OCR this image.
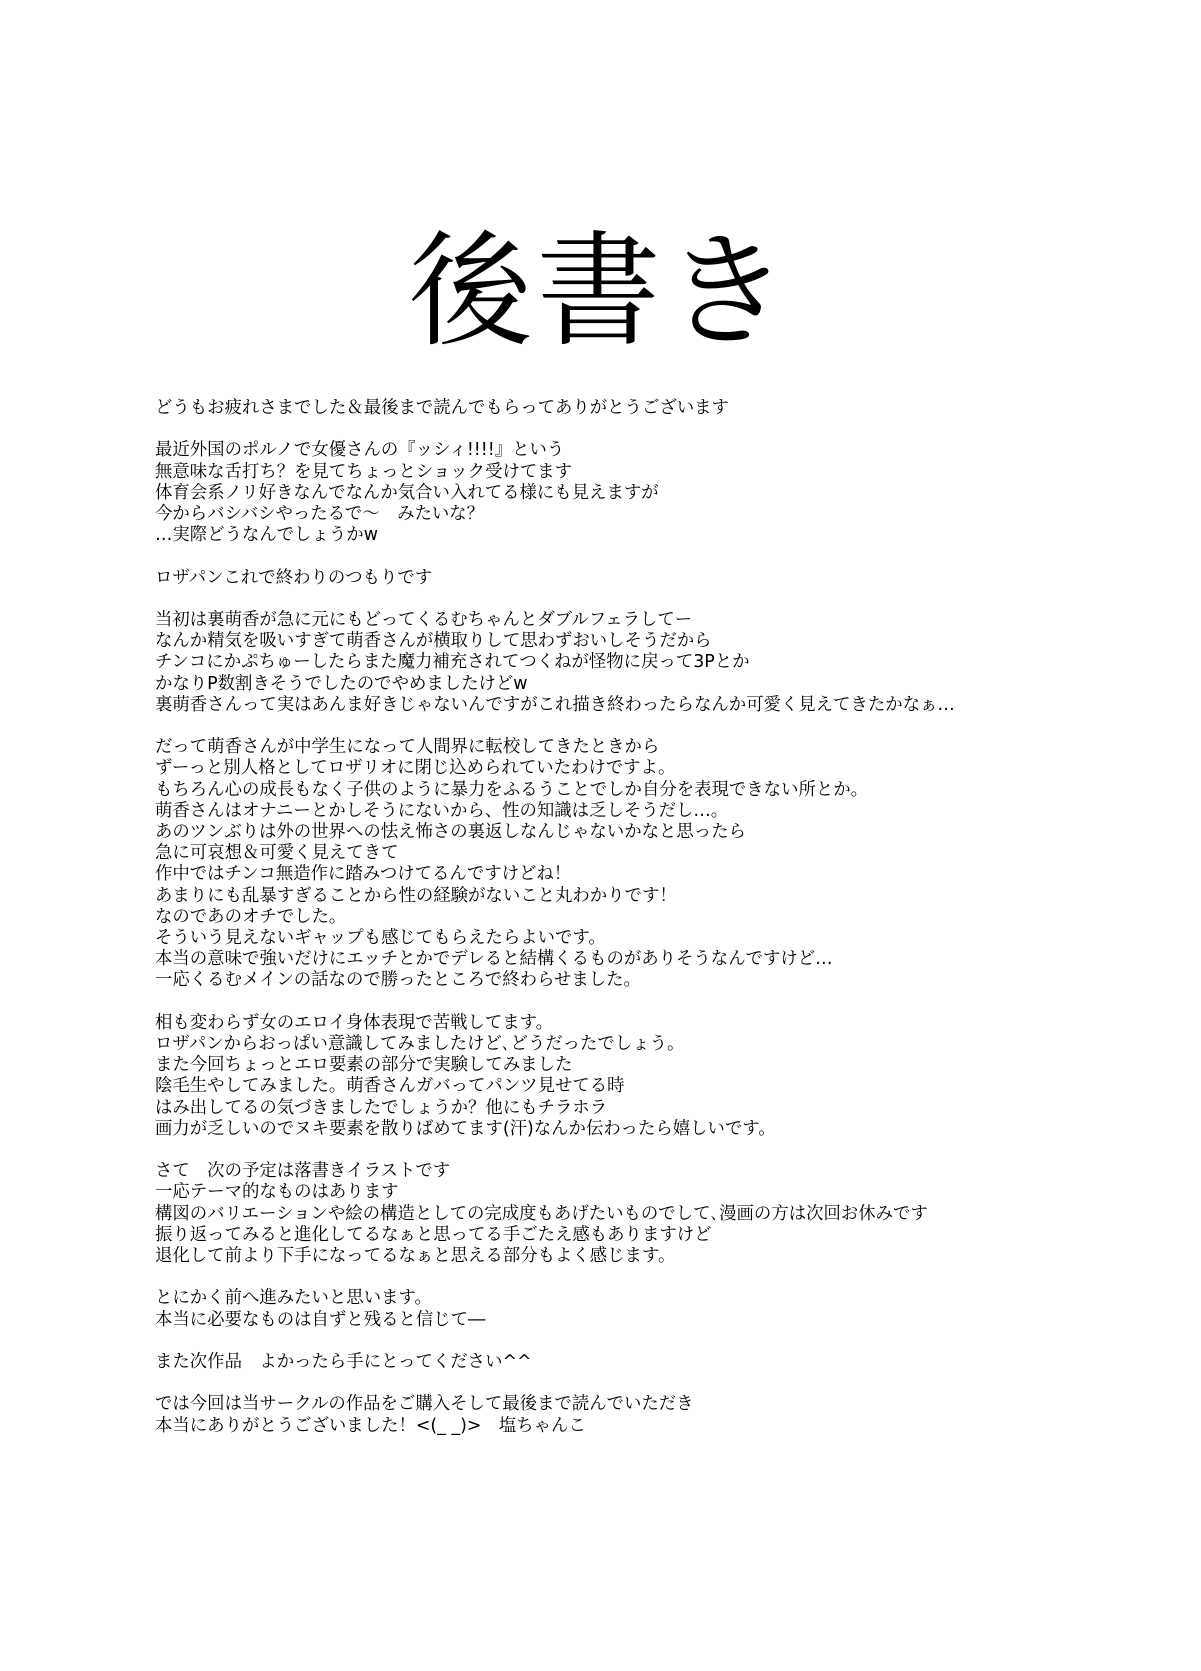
後書き
どうもお疲れさまでした＆最後まで読んでもらってありがとうございます
最近外国のポルノで女優さんの『ッシィ!!!!』という
無意味な舌打ち？を見てちょっとショック受けてます
体育会系ノリ好きなんでなんか気合い入れてる様にも見えますが
今からバシバシやったるで～　みたいな？
…実際どうなんでしょうかw
ロザパンこれで終わりのつもりです
当初は裏萌香が急に元にもどってくるむちゃんとダブルフェラしてー
なんか精気を吸いすぎて萌香さんが横取りして思わずおいしそうだから
チンコにかぷちゅーしたらまた魔力補充されてつくねが怪物に戻って3Pとか
かなりP数割きそうでしたのでやめましたけどw
裏萌香さんって実はあんま好きじゃないんですがこれ描き終わったらなんか可愛く見えてきたかなぁ…
だって萌香さんが中学生になって人間界に転校してきたときから
ずーっと別人格としてロザリオに閉じ込められていたわけですよ。
もちろん心の成長もなく子供のように暴力をふるうことでしか自分を表現できない所とか。
萌香さんはオナニーとかしそうにないから、性の知識は乏しそうだし…。
あのツンぶりは外の世界への怯え怖さの裏返しなんじゃないかなと思ったら
急に可哀想＆可愛く見えてきて
作中ではチンコ無造作に踏みつけてるんですけどね！
あまりにも乱暴すぎることから性の経験がないこと丸わかりです！
なのであのオチでした。
そういう見えないギャップも感じてもらえたらよいです。
本当の意味で強いだけにエッチとかでデレると結構くるものがありそうなんですけど…
一応くるむメインの話なので勝ったところで終わらせました。
相も変わらず女のエロイ身体表現で苦戦してます。
ロザパンからおっぱい意識してみましたけど､どうだったでしょう。
また今回ちょっとエロ要素の部分で実験してみました
陰毛生やしてみました。萌香さんガバってパンツ見せてる時
はみ出してるの気づきましたでしょうか？他にもチラホラ
画力が乏しいのでヌキ要素を散りばめてます(汗)なんか伝わったら嬉しいです。
さて　次の予定は落書きイラストです
一応テーマ的なものはあります
構図のバリエーションや絵の構造としての完成度もあげたいものでして､漫画の方は次回お休みです
振り返ってみると進化してるなぁと思ってる手ごたえ感もありますけど
退化して前より下手になってるなぁと思える部分もよく感じます。
とにかく前へ進みたいと思います。
本当に必要なものは自ずと残ると信じて―
また次作品　よかったら手にとってください^^
では今回は当サークルの作品をご購入そして最後まで読んでいただき
本当にありがとうございました！<(_ _)>　塩ちゃんこ
